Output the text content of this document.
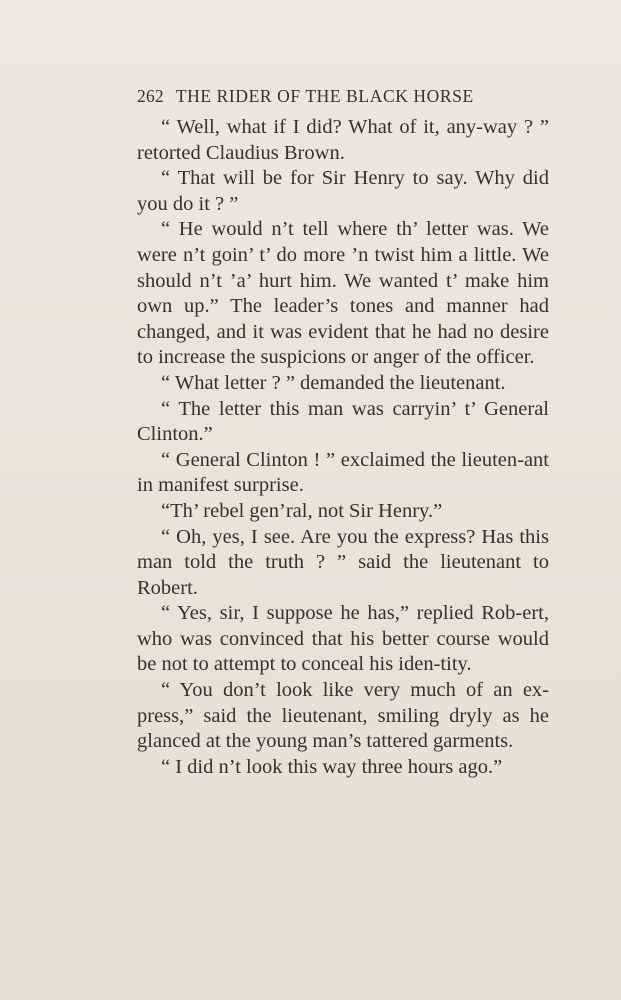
262 THE RIDER OF THE BLACK HORSE

“ Well, what if I did? What of it, any-way ? ” retorted Claudius Brown.

“ That will be for Sir Henry to say. Why did you do it ? ”

“ He would n’t tell where th’ letter was. We were n’t goin’ t’ do more ’n twist him a little. We should n’t ’a’ hurt him. We wanted t’ make him own up.” The leader’s tones and manner had changed, and it was evident that he had no desire to increase the suspicions or anger of the officer.

“ What letter ? ” demanded the lieutenant.

“ The letter this man was carryin’ t’ General Clinton.”

“ General Clinton ! ” exclaimed the lieuten-ant in manifest surprise.

“Th’ rebel gen’ral, not Sir Henry.”

“ Oh, yes, I see. Are you the express? Has this man told the truth ? ” said the lieutenant to Robert.

“ Yes, sir, I suppose he has,” replied Rob-ert, who was convinced that his better course would be not to attempt to conceal his iden-tity.

“ You don’t look like very much of an ex-press,” said the lieutenant, smiling dryly as he glanced at the young man’s tattered garments.

“ I did n’t look this way three hours ago.”
